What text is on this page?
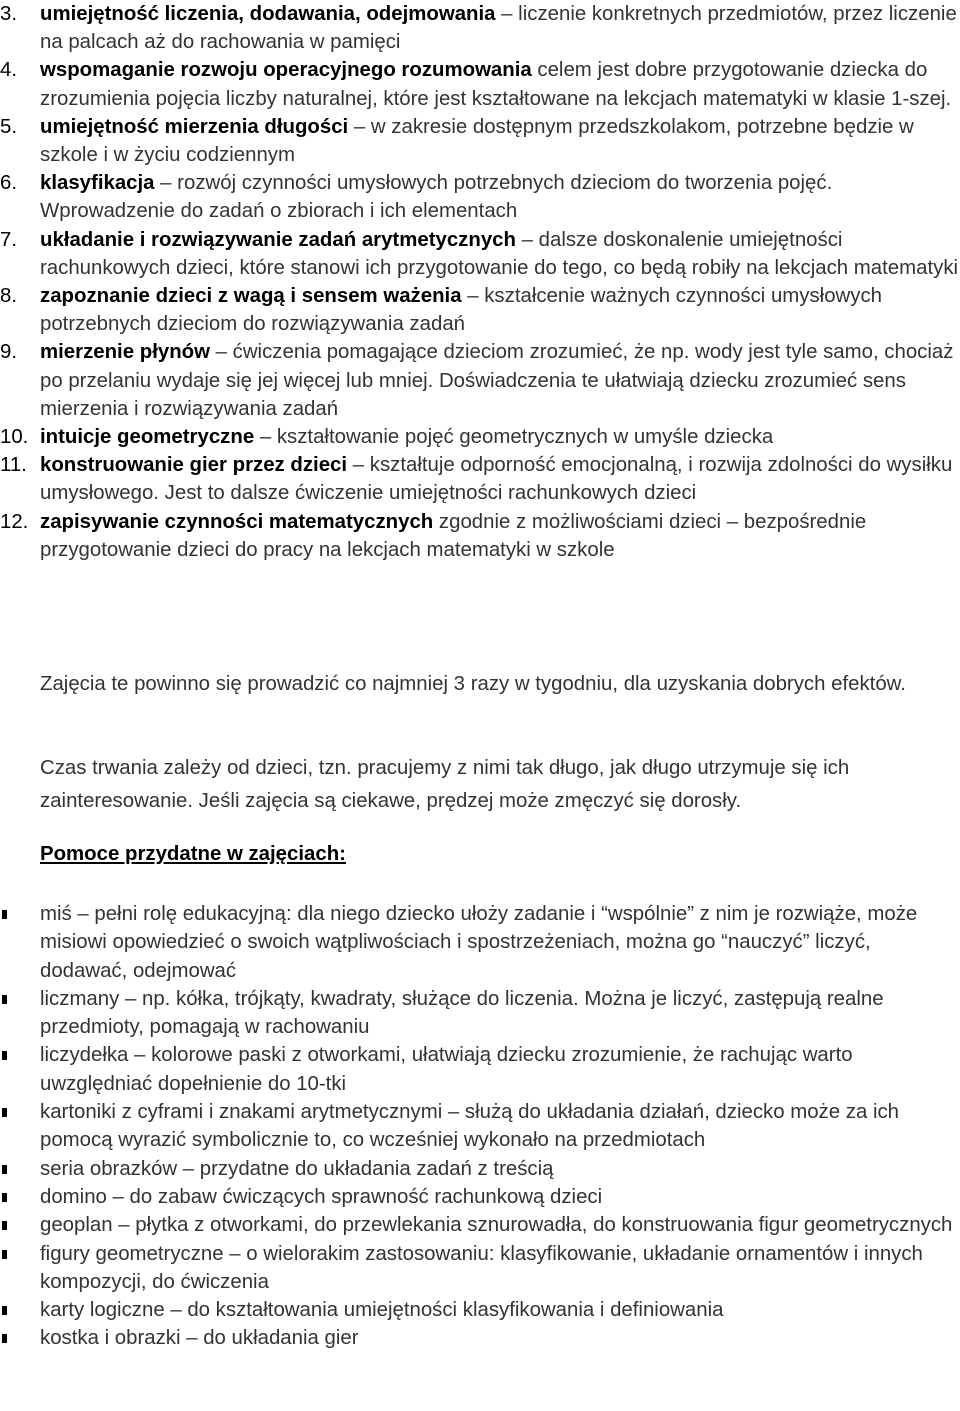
3.	umiejętność liczenia, dodawania, odejmowania – liczenie konkretnych przedmiotów, przez liczenie na palcach aż do rachowania w pamięci
4.	wspomaganie rozwoju operacyjnego rozumowania celem jest dobre przygotowanie dziecka do zrozumienia pojęcia liczby naturalnej, które jest kształtowane na lekcjach matematyki w klasie 1-szej.
5.	umiejętność mierzenia długości – w zakresie dostępnym przedszkolakom, potrzebne będzie w szkole i w życiu codziennym
6.	klasyfikacja – rozwój czynności umysłowych potrzebnych dzieciom do tworzenia pojęć. Wprowadzenie do zadań o zbiorach i ich elementach
7.	układanie i rozwiązywanie zadań arytmetycznych – dalsze doskonalenie umiejętności rachunkowych dzieci, które stanowi ich przygotowanie do tego, co będą robiły na lekcjach matematyki
8.	zapoznanie dzieci z wagą i sensem ważenia – kształcenie ważnych czynności umysłowych potrzebnych dzieciom do rozwiązywania zadań
9.	mierzenie płynów – ćwiczenia pomagające dzieciom zrozumieć, że np. wody jest tyle samo, chociaż po przelaniu wydaje się jej więcej lub mniej. Doświadczenia te ułatwiają dziecku zrozumieć sens mierzenia i rozwiązywania zadań
10. intuicje geometryczne – kształtowanie pojęć geometrycznych w umyśle dziecka
11. konstruowanie gier przez dzieci – kształtuje odporność emocjonalną, i rozwija zdolności do wysiłku umysłowego. Jest to dalsze ćwiczenie umiejętności rachunkowych dzieci
12. zapisywanie czynności matematycznych zgodnie z możliwościami dzieci – bezpośrednie przygotowanie dzieci do pracy na lekcjach matematyki w szkole

Zajęcia te powinno się prowadzić co najmniej 3 razy w tygodniu, dla uzyskania dobrych efektów.

Czas trwania zależy od dzieci, tzn. pracujemy z nimi tak długo, jak długo utrzymuje się ich zainteresowanie. Jeśli zajęcia są ciekawe, prędzej może zmęczyć się dorosły.

Pomoce przydatne w zajęciach:
miś – pełni rolę edukacyjną: dla niego dziecko ułoży zadanie i “wspólnie” z nim je rozwiąże, może misiowi opowiedzieć o swoich wątpliwościach i spostrzeżeniach, można go “nauczyć” liczyć, dodawać, odejmować
liczmany – np. kółka, trójkąty, kwadraty, służące do liczenia. Można je liczyć, zastępują realne przedmioty, pomagają w rachowaniu
liczydełka – kolorowe paski z otworkami, ułatwiają dziecku zrozumienie, że rachując warto uwzględniać dopełnienie do 10-tki
kartoniki z cyframi i znakami arytmetycznymi – służą do układania działań, dziecko może za ich pomocą wyrazić symbolicznie to, co wcześniej wykonało na przedmiotach
seria obrazków – przydatne do układania zadań z treścią
domino – do zabaw ćwiczących sprawność rachunkową dzieci
geoplan – płytka z otworkami, do przewlekania sznurowadła, do konstruowania figur geometrycznych
figury geometryczne – o wielorakim zastosowaniu: klasyfikowanie, układanie ornamentów i innych kompozycji, do ćwiczenia
karty logiczne – do kształtowania umiejętności klasyfikowania i definiowania
kostka i obrazki – do układania gier
